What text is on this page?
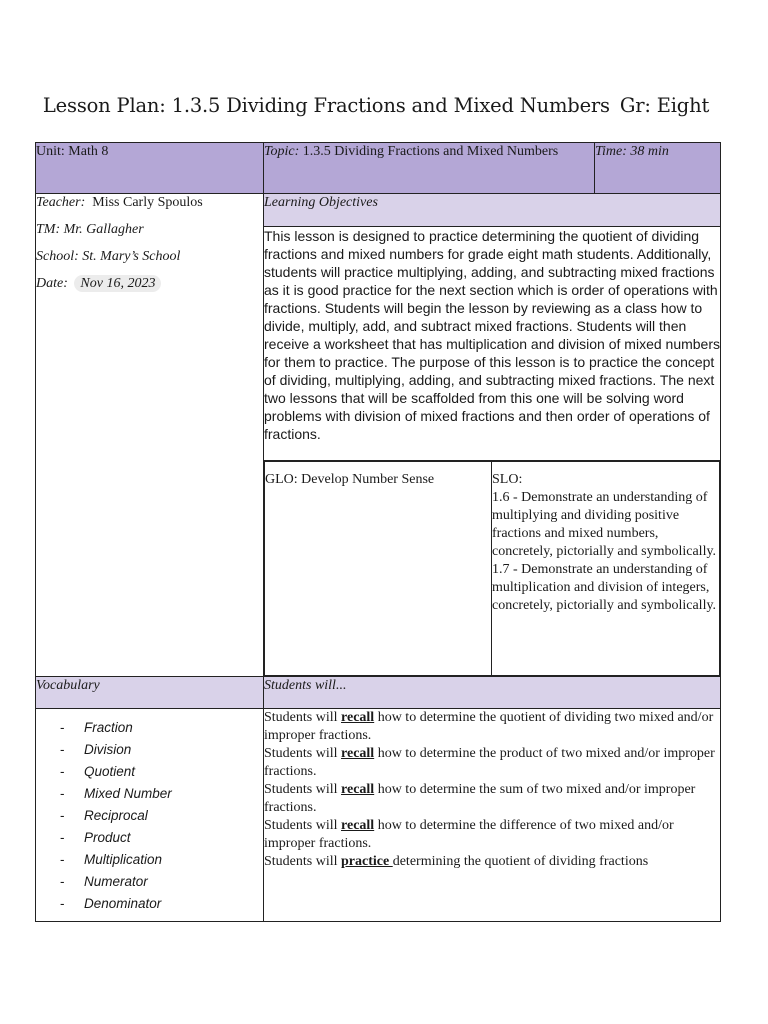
Lesson Plan: 1.3.5 Dividing Fractions and Mixed Numbers Gr: Eight
Unit: Math 8	Topic: 1.3.5 Dividing Fractions and Mixed Numbers	Time: 38 min

Teacher:  Miss Carly Spoulos

TM: Mr. Gallagher

School: St. Mary’s School

Date: Nov 16, 2023

	Learning Objectives
This lesson is designed to practice determining the quotient of dividing fractions and mixed numbers for grade eight math students. Additionally, students will practice multiplying, adding, and subtracting mixed fractions as it is good practice for the next section which is order of operations with fractions. Students will begin the lesson by reviewing as a class how to divide, multiply, add, and subtract mixed fractions. Students will then receive a worksheet that has multiplication and division of mixed numbers for them to practice. The purpose of this lesson is to practice the concept of dividing, multiplying, adding, and subtracting mixed fractions. The next two lessons that will be scaffolded from this one will be solving word problems with division of mixed fractions and then order of operations of fractions.

GLO: Develop Number Sense	SLO:
1.6 - Demonstrate an understanding of multiplying and dividing positive fractions and mixed numbers, concretely, pictorially and symbolically.
1.7 - Demonstrate an understanding of multiplication and division of integers, concretely, pictorially and symbolically.

Vocabulary	Students will...

- Fraction
- Division
- Quotient
- Mixed Number
- Reciprocal
- Product
- Multiplication
- Numerator
- Denominator

Students will recall how to determine the quotient of dividing two mixed and/or improper fractions.

Students will recall how to determine the product of two mixed and/or improper fractions.

Students will recall how to determine the sum of two mixed and/or improper fractions.

Students will recall how to determine the difference of two mixed and/or improper fractions.

Students will practice determining the quotient of dividing fractions
